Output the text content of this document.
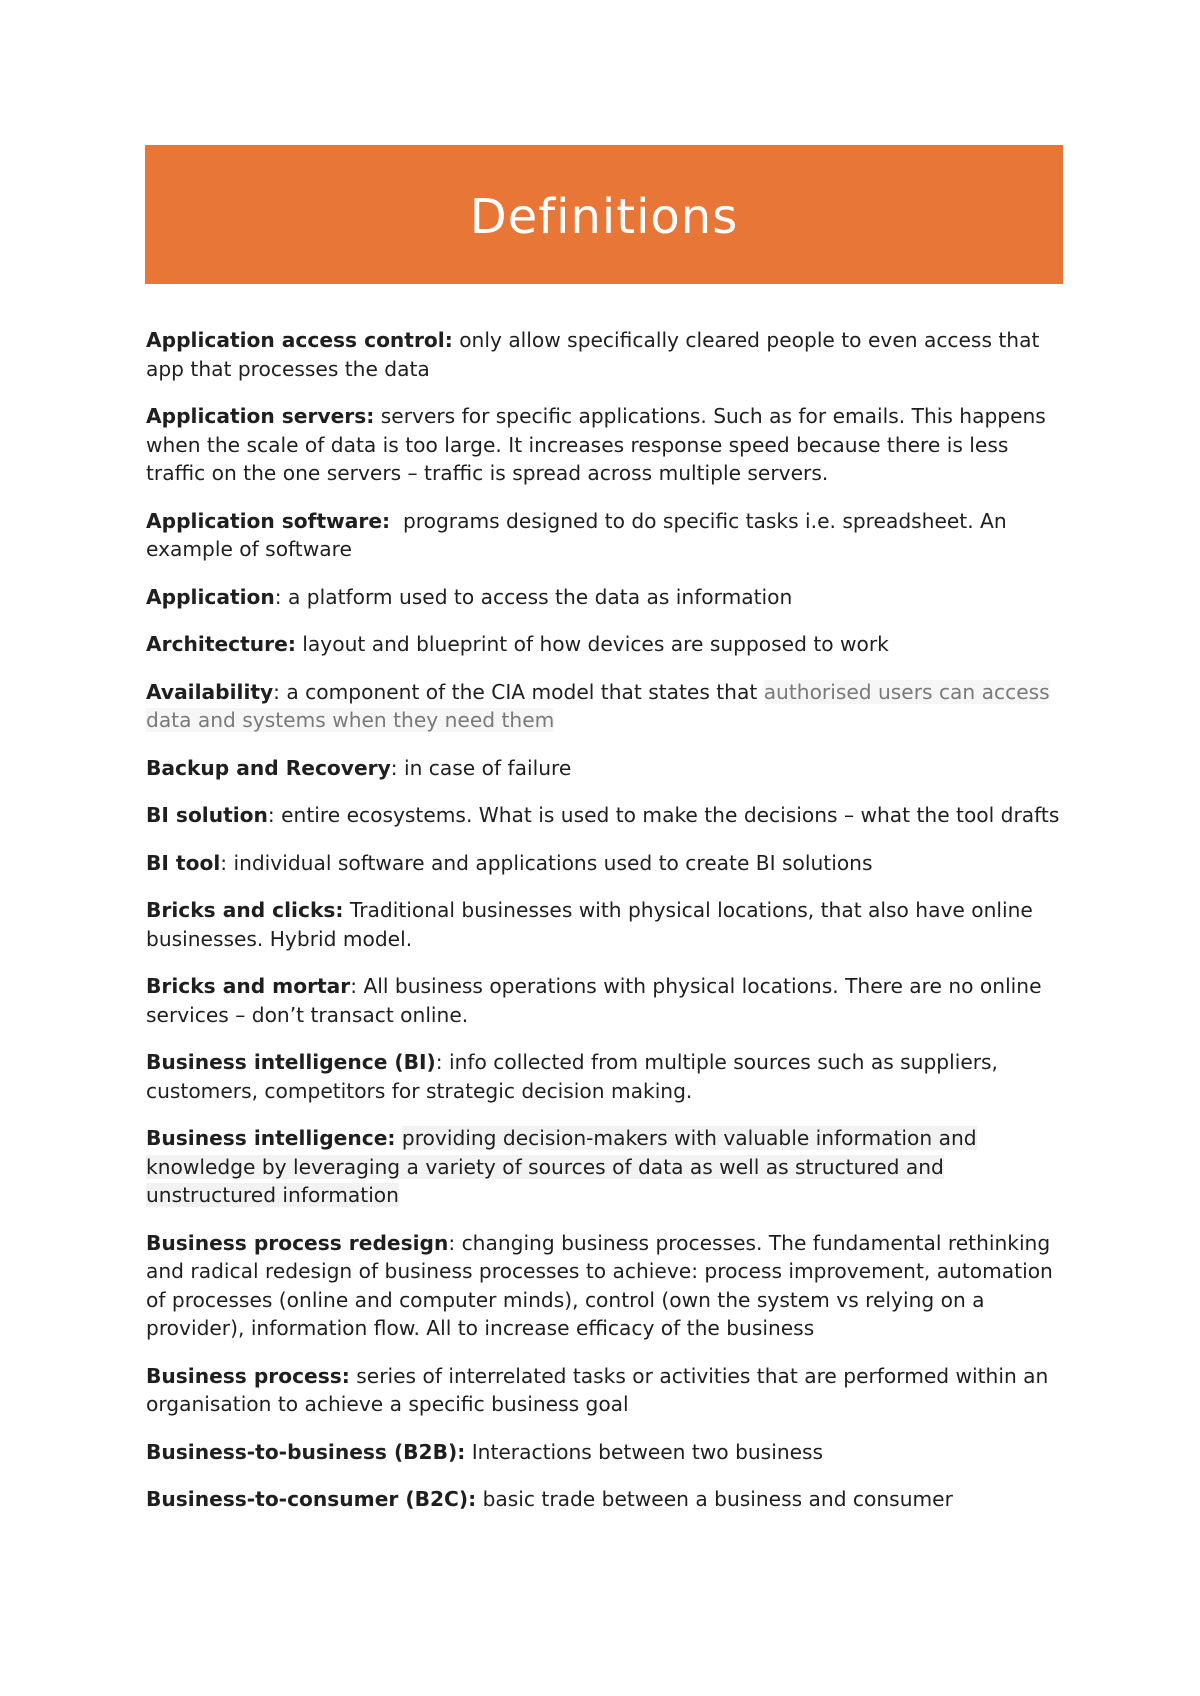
Definitions

Application access control: only allow specifically cleared people to even access that app that processes the data

Application servers: servers for specific applications. Such as for emails. This happens when the scale of data is too large. It increases response speed because there is less traffic on the one servers – traffic is spread across multiple servers.

Application software:  programs designed to do specific tasks i.e. spreadsheet. An example of software

Application: a platform used to access the data as information

Architecture: layout and blueprint of how devices are supposed to work

Availability: a component of the CIA model that states that authorised users can access data and systems when they need them

Backup and Recovery: in case of failure

BI solution: entire ecosystems. What is used to make the decisions – what the tool drafts

BI tool: individual software and applications used to create BI solutions

Bricks and clicks: Traditional businesses with physical locations, that also have online businesses. Hybrid model.

Bricks and mortar: All business operations with physical locations. There are no online services – don’t transact online.

Business intelligence (BI): info collected from multiple sources such as suppliers, customers, competitors for strategic decision making.

Business intelligence: providing decision-makers with valuable information and knowledge by leveraging a variety of sources of data as well as structured and unstructured information

Business process redesign: changing business processes. The fundamental rethinking and radical redesign of business processes to achieve: process improvement, automation of processes (online and computer minds), control (own the system vs relying on a provider), information flow. All to increase efficacy of the business

Business process: series of interrelated tasks or activities that are performed within an organisation to achieve a specific business goal

Business-to-business (B2B): Interactions between two business

Business-to-consumer (B2C): basic trade between a business and consumer
